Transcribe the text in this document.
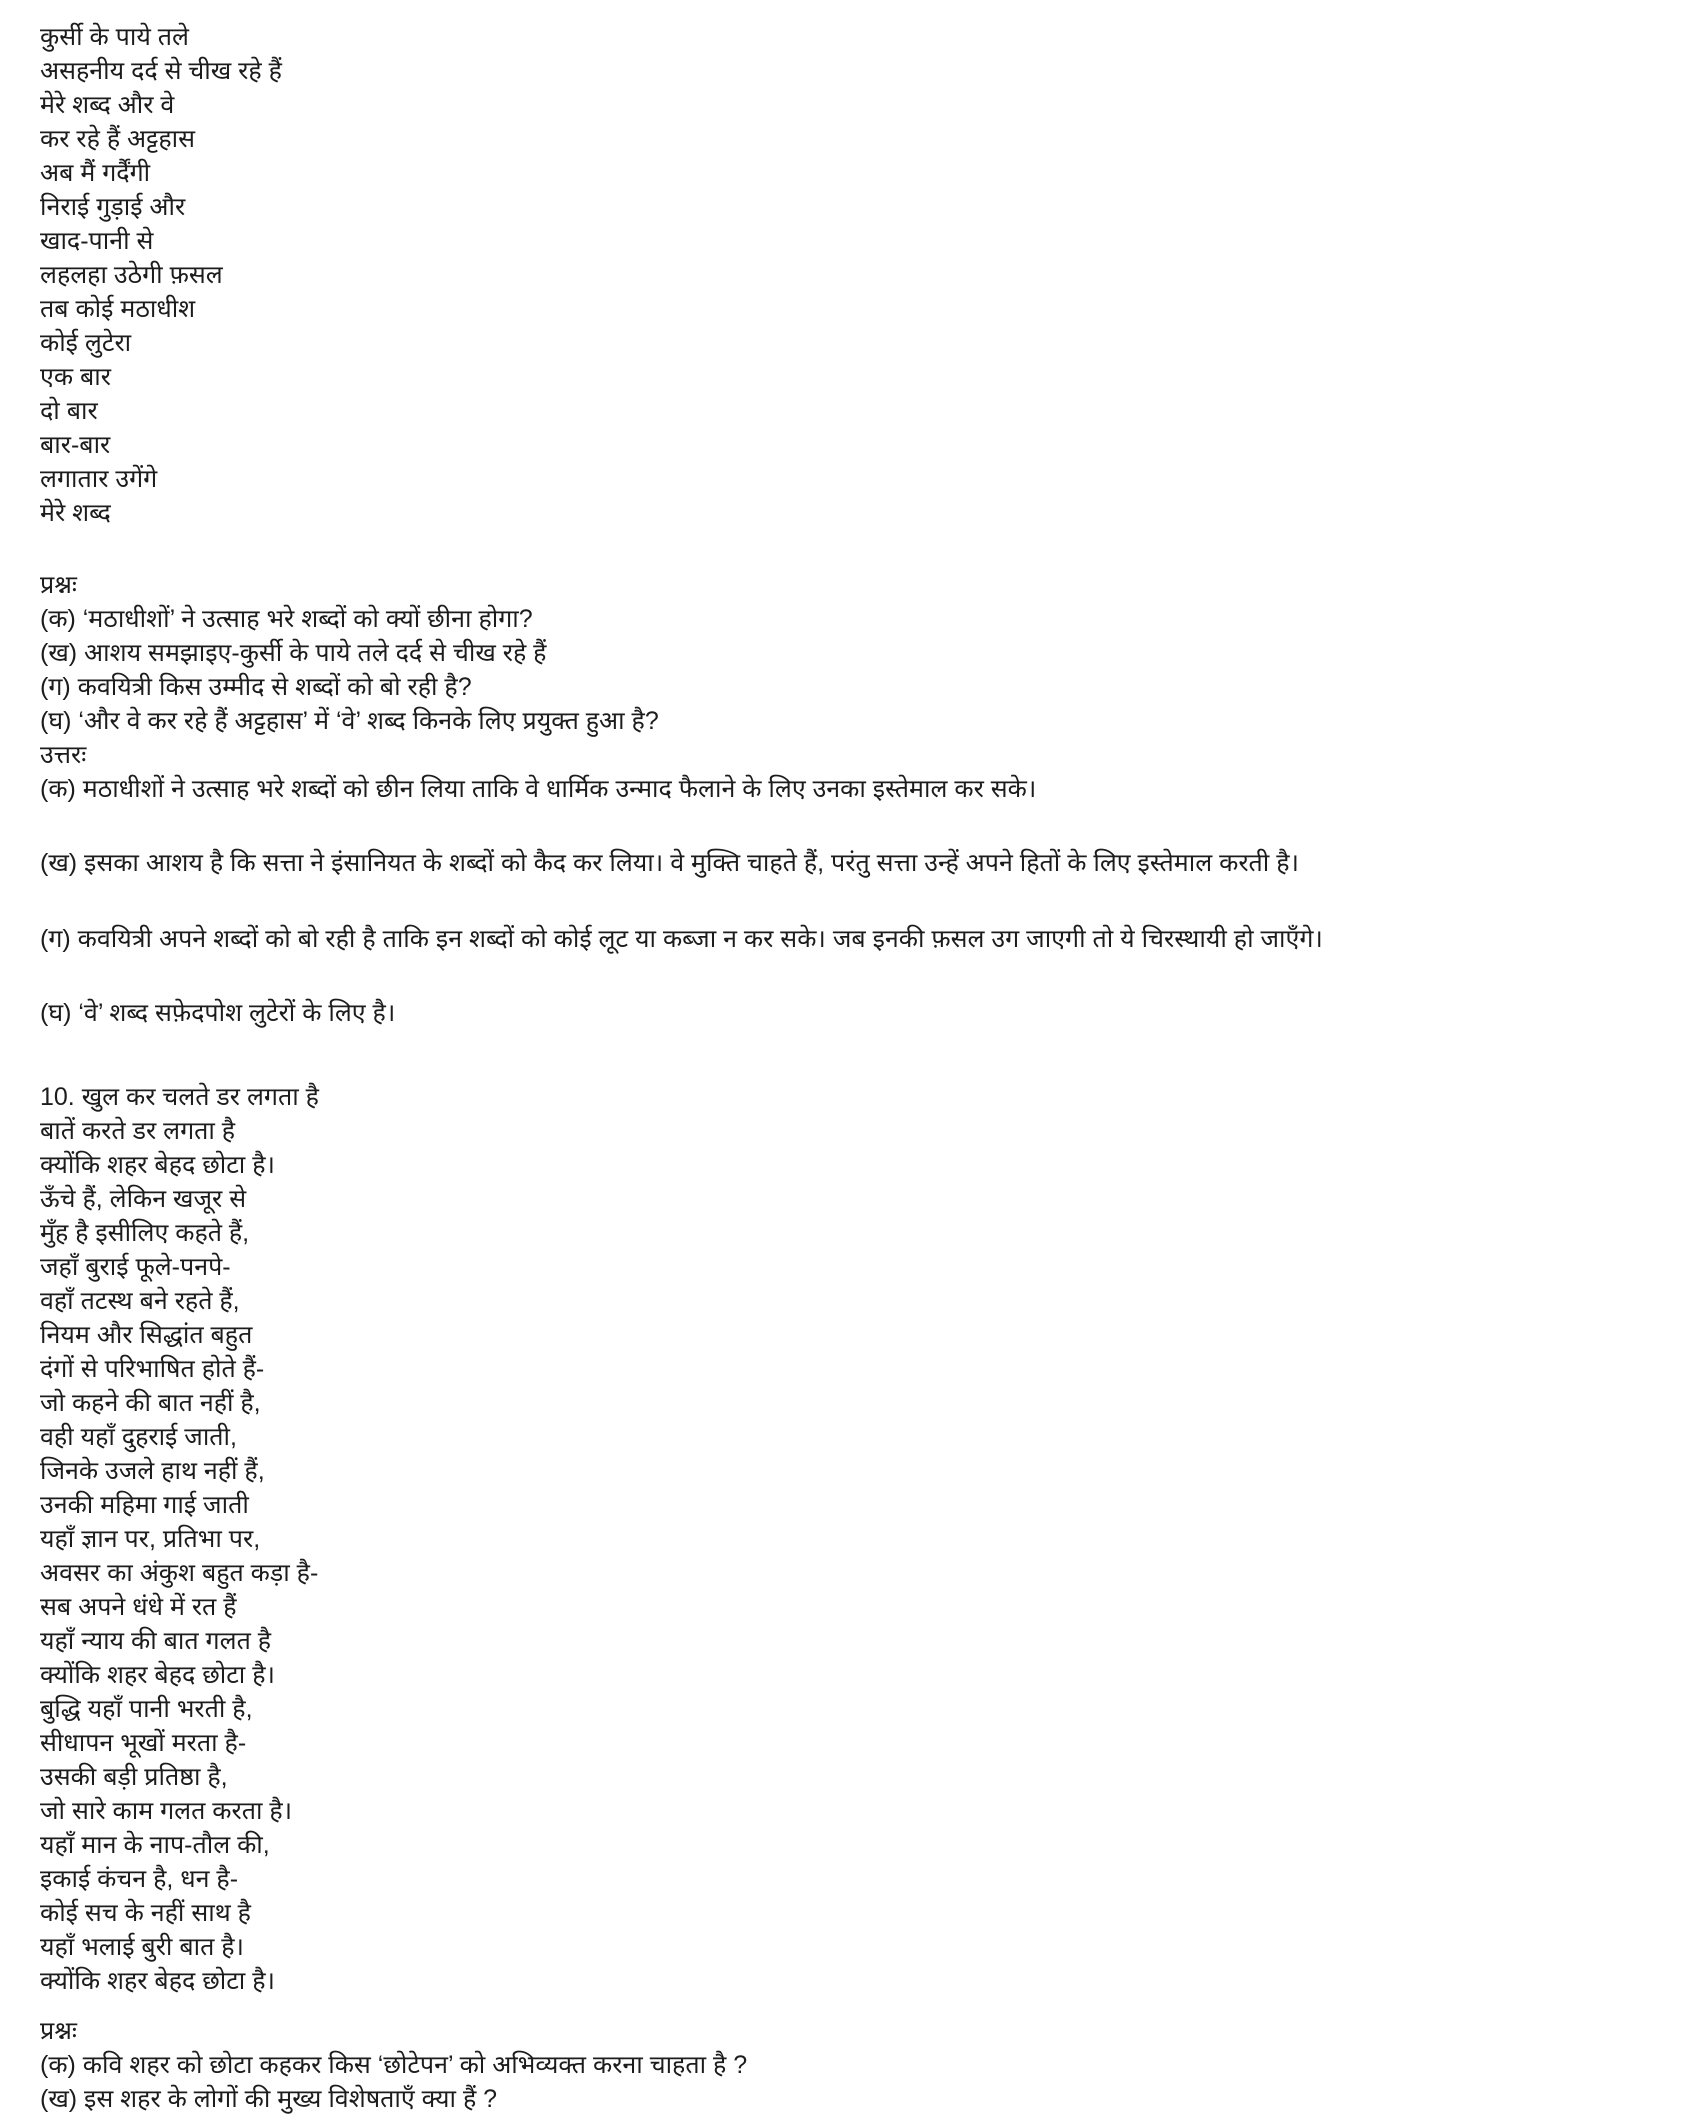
कुर्सी के पाये तले
असहनीय दर्द से चीख रहे हैं
मेरे शब्द और वे
कर रहे हैं अट्टहास
अब मैं गर्दैंगी
निराई गुड़ाई और
खाद-पानी से
लहलहा उठेगी फ़सल
तब कोई मठाधीश
कोई लुटेरा
एक बार
दो बार
बार-बार
लगातार उगेंगे
मेरे शब्द
प्रश्नः
(क) ‘मठाधीशों’ ने उत्साह भरे शब्दों को क्यों छीना होगा?
(ख) आशय समझाइए-कुर्सी के पाये तले दर्द से चीख रहे हैं
(ग) कवयित्री किस उम्मीद से शब्दों को बो रही है?
(घ) ‘और वे कर रहे हैं अट्टहास’ में ‘वे’ शब्द किनके लिए प्रयुक्त हुआ है?
उत्तरः
(क) मठाधीशों ने उत्साह भरे शब्दों को छीन लिया ताकि वे धार्मिक उन्माद फैलाने के लिए उनका इस्तेमाल कर सके।
(ख) इसका आशय है कि सत्ता ने इंसानियत के शब्दों को कैद कर लिया। वे मुक्ति चाहते हैं, परंतु सत्ता उन्हें अपने हितों के लिए इस्तेमाल करती है।
(ग) कवयित्री अपने शब्दों को बो रही है ताकि इन शब्दों को कोई लूट या कब्जा न कर सके। जब इनकी फ़सल उग जाएगी तो ये चिरस्थायी हो जाएँगे।
(घ) ‘वे’ शब्द सफ़ेदपोश लुटेरों के लिए है।
10. खुल कर चलते डर लगता है
बातें करते डर लगता है
क्योंकि शहर बेहद छोटा है।
ऊँचे हैं, लेकिन खजूर से
मुँह है इसीलिए कहते हैं,
जहाँ बुराई फूले-पनपे-
वहाँ तटस्थ बने रहते हैं,
नियम और सिद्धांत बहुत
दंगों से परिभाषित होते हैं-
जो कहने की बात नहीं है,
वही यहाँ दुहराई जाती,
जिनके उजले हाथ नहीं हैं,
उनकी महिमा गाई जाती
यहाँ ज्ञान पर, प्रतिभा पर,
अवसर का अंकुश बहुत कड़ा है-
सब अपने धंधे में रत हैं
यहाँ न्याय की बात गलत है
क्योंकि शहर बेहद छोटा है।
बुद्धि यहाँ पानी भरती है,
सीधापन भूखों मरता है-
उसकी बड़ी प्रतिष्ठा है,
जो सारे काम गलत करता है।
यहाँ मान के नाप-तौल की,
इकाई कंचन है, धन है-
कोई सच के नहीं साथ है
यहाँ भलाई बुरी बात है।
क्योंकि शहर बेहद छोटा है।
प्रश्नः
(क) कवि शहर को छोटा कहकर किस ‘छोटेपन’ को अभिव्यक्त करना चाहता है ?
(ख) इस शहर के लोगों की मुख्य विशेषताएँ क्या हैं ?
